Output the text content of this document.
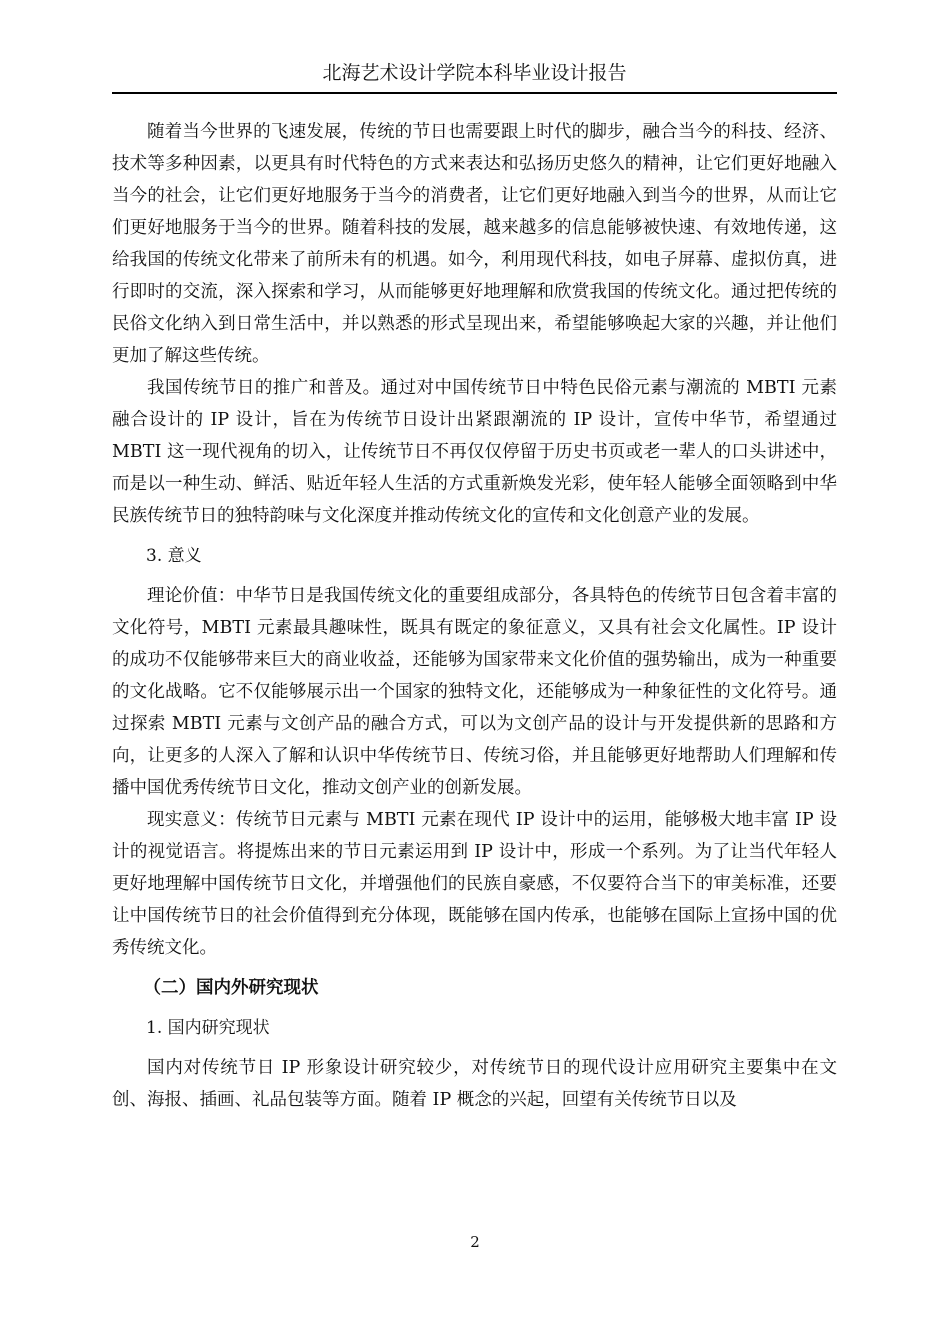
北海艺术设计学院本科毕业设计报告

随着当今世界的飞速发展，传统的节日也需要跟上时代的脚步，融合当今的科技、经济、技术等多种因素，以更具有时代特色的方式来表达和弘扬历史悠久的精神，让它们更好地融入当今的社会，让它们更好地服务于当今的消费者，让它们更好地融入到当今的世界，从而让它们更好地服务于当今的世界。随着科技的发展，越来越多的信息能够被快速、有效地传递，这给我国的传统文化带来了前所未有的机遇。如今，利用现代科技，如电子屏幕、虚拟仿真，进行即时的交流，深入探索和学习，从而能够更好地理解和欣赏我国的传统文化。通过把传统的民俗文化纳入到日常生活中，并以熟悉的形式呈现出来，希望能够唤起大家的兴趣，并让他们更加了解这些传统。

我国传统节日的推广和普及。通过对中国传统节日中特色民俗元素与潮流的 MBTI 元素融合设计的 IP 设计，旨在为传统节日设计出紧跟潮流的 IP 设计，宣传中华节，希望通过 MBTI 这一现代视角的切入，让传统节日不再仅仅停留于历史书页或老一辈人的口头讲述中，而是以一种生动、鲜活、贴近年轻人生活的方式重新焕发光彩，使年轻人能够全面领略到中华民族传统节日的独特韵味与文化深度并推动传统文化的宣传和文化创意产业的发展。

3. 意义

理论价值：中华节日是我国传统文化的重要组成部分，各具特色的传统节日包含着丰富的文化符号，MBTI 元素最具趣味性，既具有既定的象征意义，又具有社会文化属性。IP 设计的成功不仅能够带来巨大的商业收益，还能够为国家带来文化价值的强势输出，成为一种重要的文化战略。它不仅能够展示出一个国家的独特文化，还能够成为一种象征性的文化符号。通过探索 MBTI 元素与文创产品的融合方式，可以为文创产品的设计与开发提供新的思路和方向，让更多的人深入了解和认识中华传统节日、传统习俗，并且能够更好地帮助人们理解和传播中国优秀传统节日文化，推动文创产业的创新发展。

现实意义：传统节日元素与 MBTI 元素在现代 IP 设计中的运用，能够极大地丰富 IP 设计的视觉语言。将提炼出来的节日元素运用到 IP 设计中，形成一个系列。为了让当代年轻人更好地理解中国传统节日文化，并增强他们的民族自豪感，不仅要符合当下的审美标准，还要让中国传统节日的社会价值得到充分体现，既能够在国内传承，也能够在国际上宣扬中国的优秀传统文化。

（二）国内外研究现状
1. 国内研究现状

国内对传统节日 IP 形象设计研究较少，对传统节日的现代设计应用研究主要集中在文创、海报、插画、礼品包装等方面。随着 IP 概念的兴起，回望有关传统节日以及

2
